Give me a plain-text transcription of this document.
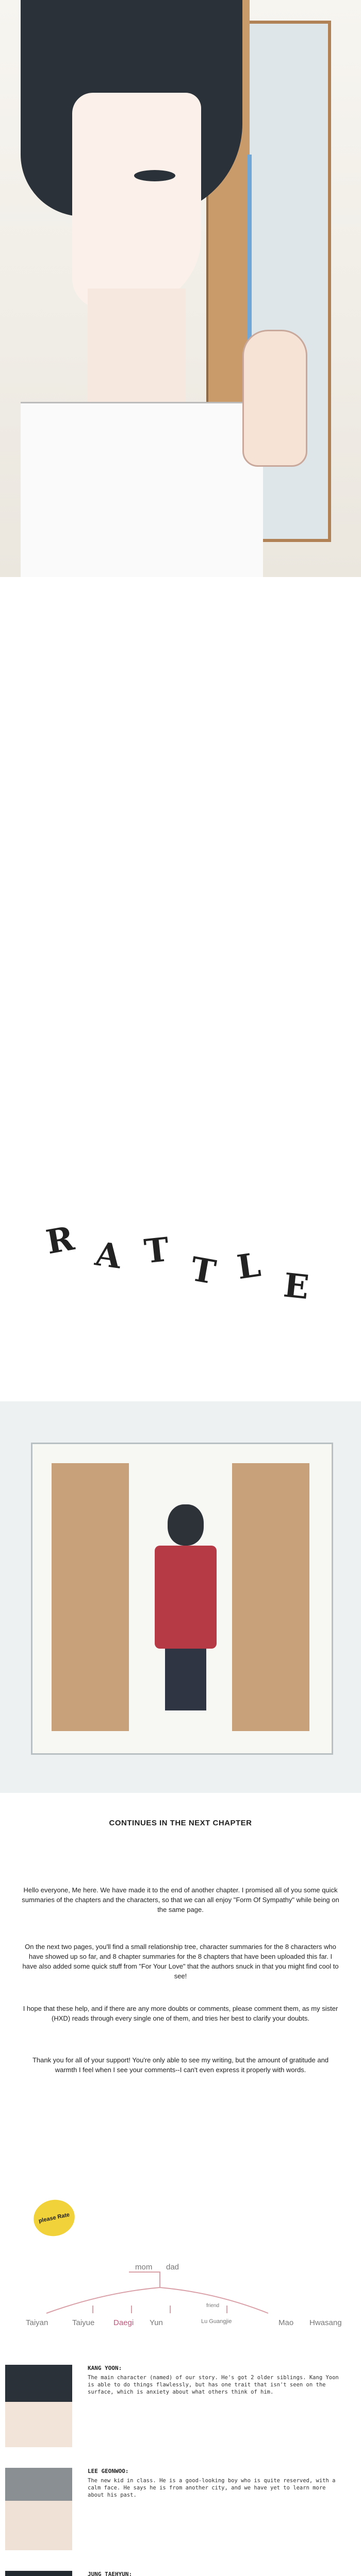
R A T T L E
CONTINUES IN THE NEXT CHAPTER
Hello everyone, Me here. We have made it to the end of another chapter. I promised all of you some quick summaries of the chapters and the characters, so that we can all enjoy "Form Of Sympathy" while being on the same page.
On the next two pages, you'll find a small relationship tree, character summaries for the 8 characters who have showed up so far, and 8 chapter summaries for the 8 chapters that have been uploaded this far. I have also added some quick stuff from "For Your Love" that the authors snuck in that you might find cool to see!
I hope that these help, and if there are any more doubts or comments, please comment them, as my sister (HXD) reads through every single one of them, and tries her best to clarify your doubts.
Thank you for all of your support! You're only able to see my writing, but the amount of gratitude and warmth I feel when I see your comments--I can't even express it properly with words.
please Rate
mom dad
Taiyan	Taiyue Daegi Yun	Lu Guangjie	Mao Hwasang
friend
KANG YOON:
The main character (named) of our story. He's got 2 older siblings. Kang Yoon is able to do things flawlessly, but has one trait that isn't seen on the surface, which is anxiety about what others think of him.
LEE GEONWOO:
The new kid in class. He is a good-looking boy who is quite reserved, with a calm face. He says he is from another city, and we have yet to learn more about his past.
JUNG TAEHYUN:
